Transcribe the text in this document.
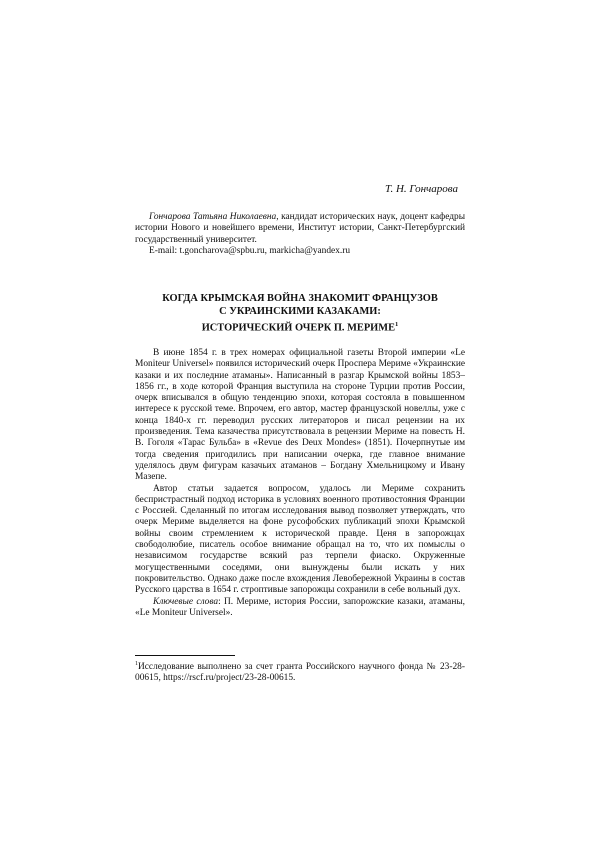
Т. Н. Гончарова
Гончарова Татьяна Николаевна, кандидат исторических наук, доцент кафедры истории Нового и новейшего времени, Институт истории, Санкт-Петербургский государственный университет.
E-mail: t.goncharova@spbu.ru, markicha@yandex.ru
КОГДА КРЫМСКАЯ ВОЙНА ЗНАКОМИТ ФРАНЦУЗОВ
С УКРАИНСКИМИ КАЗАКАМИ:
ИСТОРИЧЕСКИЙ ОЧЕРК П. МЕРИМЕ$^1$

В июне 1854 г. в трех номерах официальной газеты Второй империи «Le Moniteur Universel» появился исторический очерк Проспера Мериме «Украинские казаки и их последние атаманы». Написанный в разгар Крымской войны 1853–1856 гг., в ходе которой Франция выступила на стороне Турции против России, очерк вписывался в общую тенденцию эпохи, которая состояла в повышенном интересе к русской теме. Впрочем, его автор, мастер французской новеллы, уже с конца 1840-х гг. переводил русских литераторов и писал рецензии на их произведения. Тема казачества присутствовала в рецензии Мериме на повесть Н. В. Гоголя «Тарас Бульба» в «Revue des Deux Mondes» (1851). Почерпнутые им тогда сведения пригодились при написании очерка, где главное внимание уделялось двум фигурам казачьих атаманов – Богдану Хмельницкому и Ивану Мазепе.

Автор статьи задается вопросом, удалось ли Мериме сохранить беспристрастный подход историка в условиях военного противостояния Франции с Россией. Сделанный по итогам исследования вывод позволяет утверждать, что очерк Мериме выделяется на фоне русофобских публикаций эпохи Крымской войны своим стремлением к исторической правде. Ценя в запорожцах свободолюбие, писатель особое внимание обращал на то, что их помыслы о независимом государстве всякий раз терпели фиаско. Окруженные могущественными соседями, они вынуждены были искать у них покровительство. Однако даже после вхождения Левобережной Украины в состав Русского царства в 1654 г. строптивые запорожцы сохранили в себе вольный дух.

Ключевые слова: П. Мериме, история России, запорожские казаки, атаманы, «Le Moniteur Universel».

$^1$Исследование выполнено за счет гранта Российского научного фонда № 23-28-00615, https://rscf.ru/project/23-28-00615.
